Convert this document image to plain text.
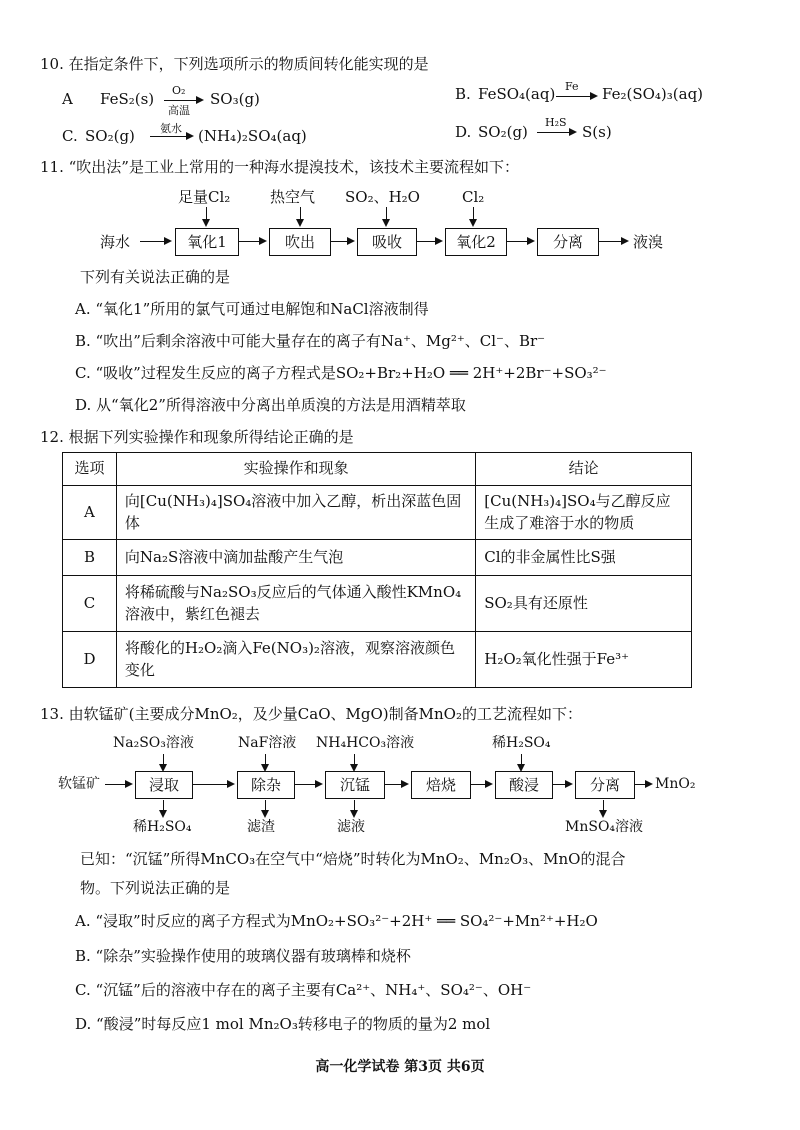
10. 在指定条件下，下列选项所示的物质间转化能实现的是
A FeS₂(s) O₂
高温
SO₃(g)	B. FeSO₄(aq) Fe → Fe₂(SO₄)₃(aq)
C. SO₂(g) 氨水 → (NH₄)₂SO₄(aq)	D. SO₂(g)
H₂S
→ S(s)
11. “吹出法”是工业上常用的一种海水提溴技术，该技术主要流程如下：
足量Cl₂	热空气 SO₂、H₂O	Cl₂
海水	氧化1	吹出	吸收	氧化2	分离	液溴
下列有关说法正确的是
A. “氧化1”所用的氯气可通过电解饱和NaCl溶液制得
B. “吹出”后剩余溶液中可能大量存在的离子有Na⁺、Mg²⁺、Cl⁻、Br⁻
C. “吸收”过程发生反应的离子方程式是SO₂+Br₂+H₂O ══ 2H⁺+2Br⁻+SO₃²⁻
D. 从“氧化2”所得溶液中分离出单质溴的方法是用酒精萃取
12. 根据下列实验操作和现象所得结论正确的是
选项	实验操作和现象	结论
A	向[Cu(NH₃)₄]SO₄溶液中加入乙醇，析出深蓝色固体	[Cu(NH₃)₄]SO₄与乙醇反应生成了难溶于水的物质
B	向Na₂S溶液中滴加盐酸产生气泡	Cl的非金属性比S强
C	将稀硫酸与Na₂SO₃反应后的气体通入酸性KMnO₄溶液中，紫红色褪去	SO₂具有还原性
D	将酸化的H₂O₂滴入Fe(NO₃)₂溶液，观察溶液颜色变化	H₂O₂氧化性强于Fe³⁺
13. 由软锰矿(主要成分MnO₂，及少量CaO、MgO)制备MnO₂的工艺流程如下：
Na₂SO₃溶液	NaF溶液 NH₄HCO₃溶液	稀H₂SO₄
软锰矿	浸取	除杂	沉锰	焙烧	酸浸	分离	MnO₂
稀H₂SO₄	滤渣	滤液	MnSO₄溶液
已知：“沉锰”所得MnCO₃在空气中“焙烧”时转化为MnO₂、Mn₂O₃、MnO的混合
物。下列说法正确的是
A. “浸取”时反应的离子方程式为MnO₂+SO₃²⁻+2H⁺ ══ SO₄²⁻+Mn²⁺+H₂O
B. “除杂”实验操作使用的玻璃仪器有玻璃棒和烧杯
C. “沉锰”后的溶液中存在的离子主要有Ca²⁺、NH₄⁺、SO₄²⁻、OH⁻
D. “酸浸”时每反应1 mol Mn₂O₃转移电子的物质的量为2 mol
高一化学试卷 第3页 共6页
